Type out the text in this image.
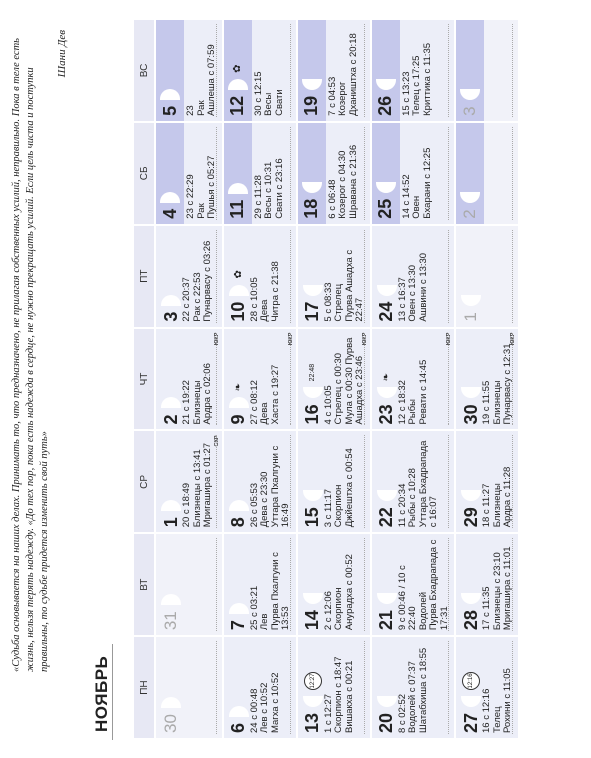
«Судьба основывается на наших делах. Принимать то, что предназначено, не прилагая собственных усилий, неправильно. Пока в теле есть жизнь, нельзя терять надежду. «До тех пор, пока есть надежда в сердце, не нужно прекращать усилий. Если цель чиста и поступки правильны, то судьбе придется изменить свой путь»
Шани Дев
НОЯБРЬ	ПН
ВТ
СР
ЧТ
ПТ
СБ
ВС
30
31
1 20 с 18:49 Близнецы с 13:41 Мригашира с 01:27
СКР
2 21 с 19:22 Близнецы Ардра с 02:06
ЮКР
3 22 с 20:37 Рак с 22:53 Пунарвасу с 03:26
4 23 с 22:29 Рак Пушья с 05:27
5 23 Рак Ашлеша с 07:59
6 24 с 00:48 Лев с 10:52 Магха с 10:52
7 25 с 03:21 Лев Пурва Пхалгуни с 13:53
8 26 с 05:53 Дева с 23:30 Уттара Пхалгуни с 16:49
9
❧ 27 с 08:12 Дева Хаста с 19:27
ЮКР
10
✿
28 с 10:05 Дева Читра с 21:38
11 29 с 11:28 Весы с 10:31 Свати с 23:16
12
✿
30 с 12:15 Весы Свати
13
12:27
1 с 12:27 Скорпион с 18:47 Вишакха с 00:21
14 2 с 12:06 Скорпион Анурадха с 00:52
15 3 с 11:17 Скорпион Джйештха с 00:54
16
22:48
4 с 10:05 Стрелец с 00:30 Мула с 00:30 Пурва Ашадха с 23:46
ЮКР
17 5 с 08:33 Стрелец Пурва Ашадха с 22:47
18 6 с 06:48 Козерог с 04:30 Шравана с 21:36
19 7 с 04:53 Козерог Дхаништха с 20:18
20 8 с 02:52 Водолей с 07:37 Шатабхиша с 18:55
21 9 с 00:46 / 10 с 22:40 Водолей Пурва Бхадрапада с 17:31
22 11 с 20:34 Рыбы с 10:28 Уттара Бхадрапада с 16:07
23
❧
12 с 18:32 Рыбы Ревати с 14:45
ЮКР
24 13 с 16:37 Овен с 13:30 Ашвини с 13:30
25 14 с 14:52 Овен Бхарани с 12:25
26 15 с 13:23 Телец с 17:25 Криттика с 11:35
27
12:16
16 с 12:16 Телец Рохини с 11:05
28 17 с 11:35 Близнецы с 23:10 Мригашира с 11:01
29 18 с 11:27 Близнецы Ардра с 11:28
30 19 с 11:55 Близнецы Пунарвасу с 12:31
ЮКР
1
2
3
